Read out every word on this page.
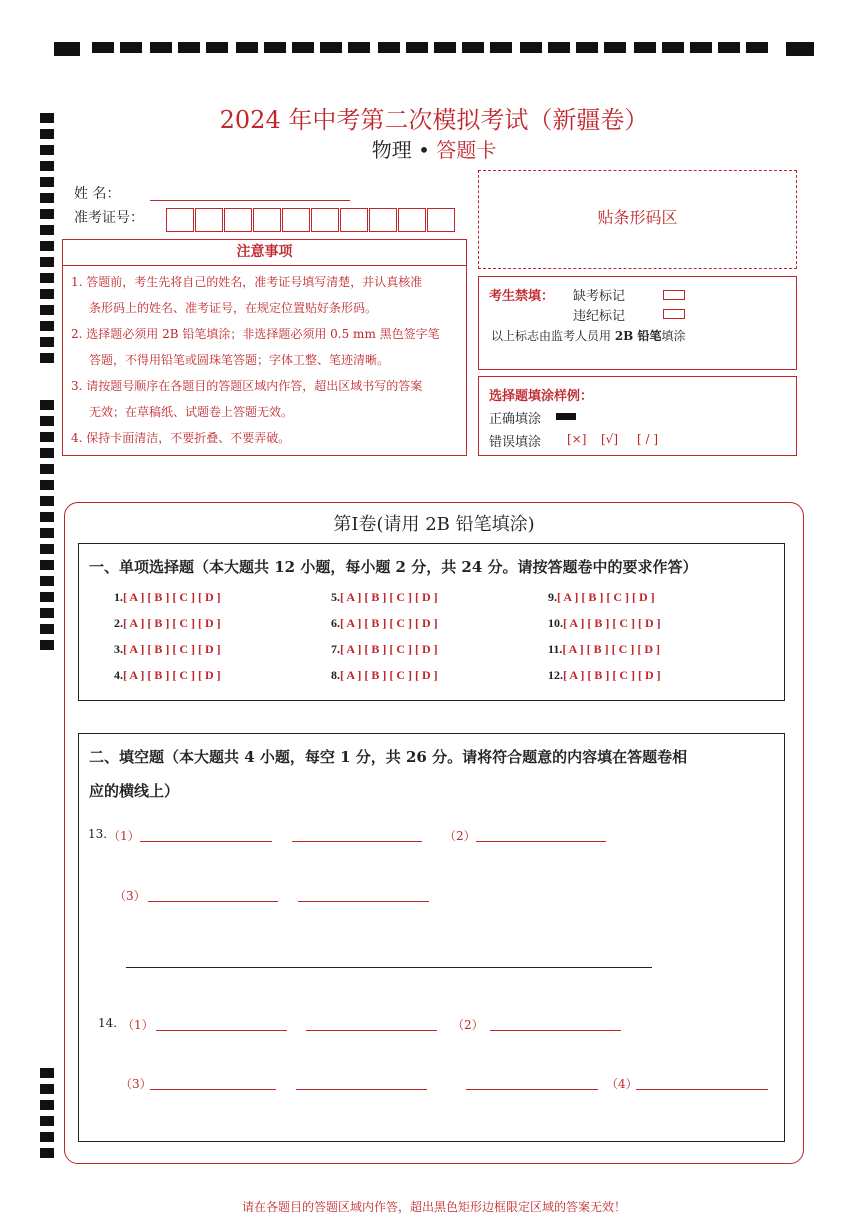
2024 年中考第二次模拟考试（新疆卷）
物理 • 答题卡
姓 名：
准考证号：	贴条形码区
注意事项

1. 答题前，考生先将自己的姓名，准考证号填写清楚，并认真核准

条形码上的姓名、准考证号，在规定位置贴好条形码。

2. 选择题必须用 2B 铅笔填涂；非选择题必须用 0.5 mm 黑色签字笔

答题，不得用铅笔或圆珠笔答题；字体工整、笔迹清晰。

3. 请按题号顺序在各题目的答题区域内作答，超出区域书写的答案

无效；在草稿纸、试题卷上答题无效。

4. 保持卡面清洁，不要折叠、不要弄破。

考生禁填： 缺考标记
违纪标记
以上标志由监考人员用 2B 铅笔填涂
选择题填涂样例：
正确填涂
错误填涂 [×] [√] [ / ]
第Ⅰ卷(请用 2B 铅笔填涂)
一、单项选择题（本大题共 12 小题，每小题 2 分，共 24 分。请按答题卷中的要求作答）
1.[ A ] [ B ] [ C ] [ D ]
2.[ A ] [ B ] [ C ] [ D ]
3.[ A ] [ B ] [ C ] [ D ]
4.[ A ] [ B ] [ C ] [ D ]
5.[ A ] [ B ] [ C ] [ D ]
6.[ A ] [ B ] [ C ] [ D ]
7.[ A ] [ B ] [ C ] [ D ]
8.[ A ] [ B ] [ C ] [ D ]
9.[ A ] [ B ] [ C ] [ D ]
10.[ A ] [ B ] [ C ] [ D ]
11.[ A ] [ B ] [ C ] [ D ]
12.[ A ] [ B ] [ C ] [ D ]
二、填空题（本大题共 4 小题，每空 1 分，共 26 分。请将符合题意的内容填在答题卷相
应的横线上）
13. （1）	（2）
（3）
14. （1）	（2）
（3）	（4）
请在各题目的答题区域内作答，超出黑色矩形边框限定区域的答案无效！
